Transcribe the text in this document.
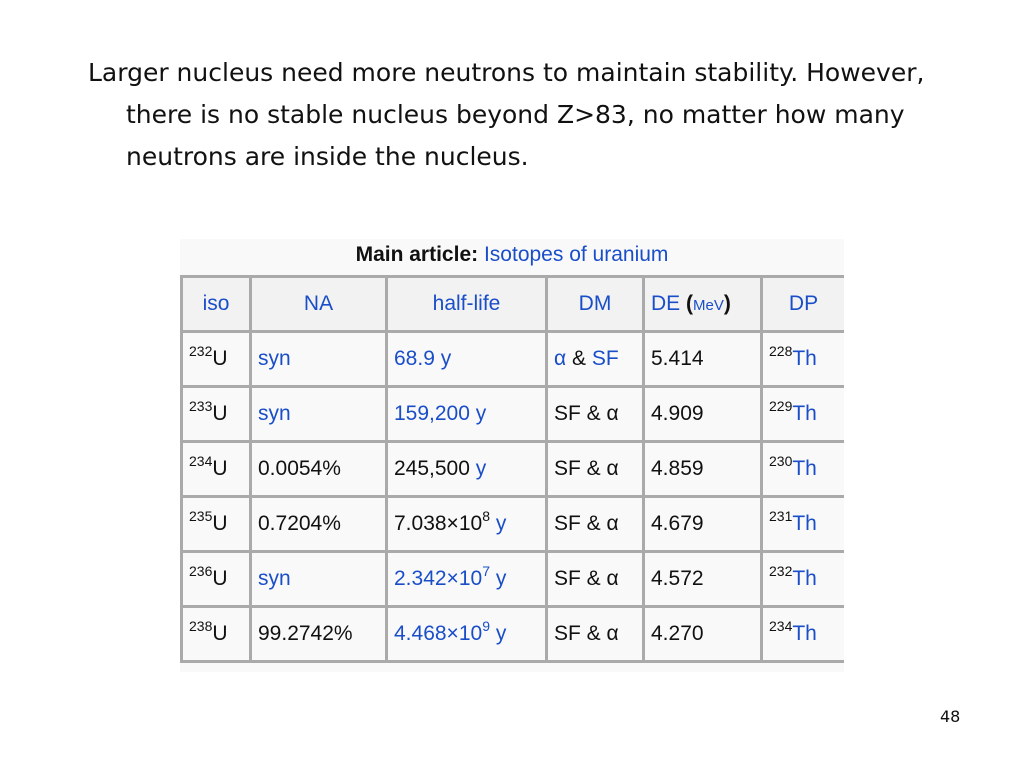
Larger nucleus need more neutrons to maintain stability. However, there is no stable nucleus beyond Z>83, no matter how many neutrons are inside the nucleus.

Main article: Isotopes of uranium
iso	NA	half-life	DM	DE (MeV)	DP
$^{232}$U	syn	68.9 y	α & SF	5.414	$^{228}$Th
$^{233}$U	syn	159,200 y	SF & α	4.909	$^{229}$Th
$^{234}$U	0.0054%	245,500 y	SF & α	4.859	$^{230}$Th
$^{235}$U	0.7204%	$7.038\times 10^8$ y	SF & α	4.679	$^{231}$Th
$^{236}$U	syn	$2.342\times 10^7$ y	SF & α	4.572	$^{232}$Th
$^{238}$U	99.2742%	$4.468\times 10^9$ y	SF & α	4.270	$^{234}$Th
48
